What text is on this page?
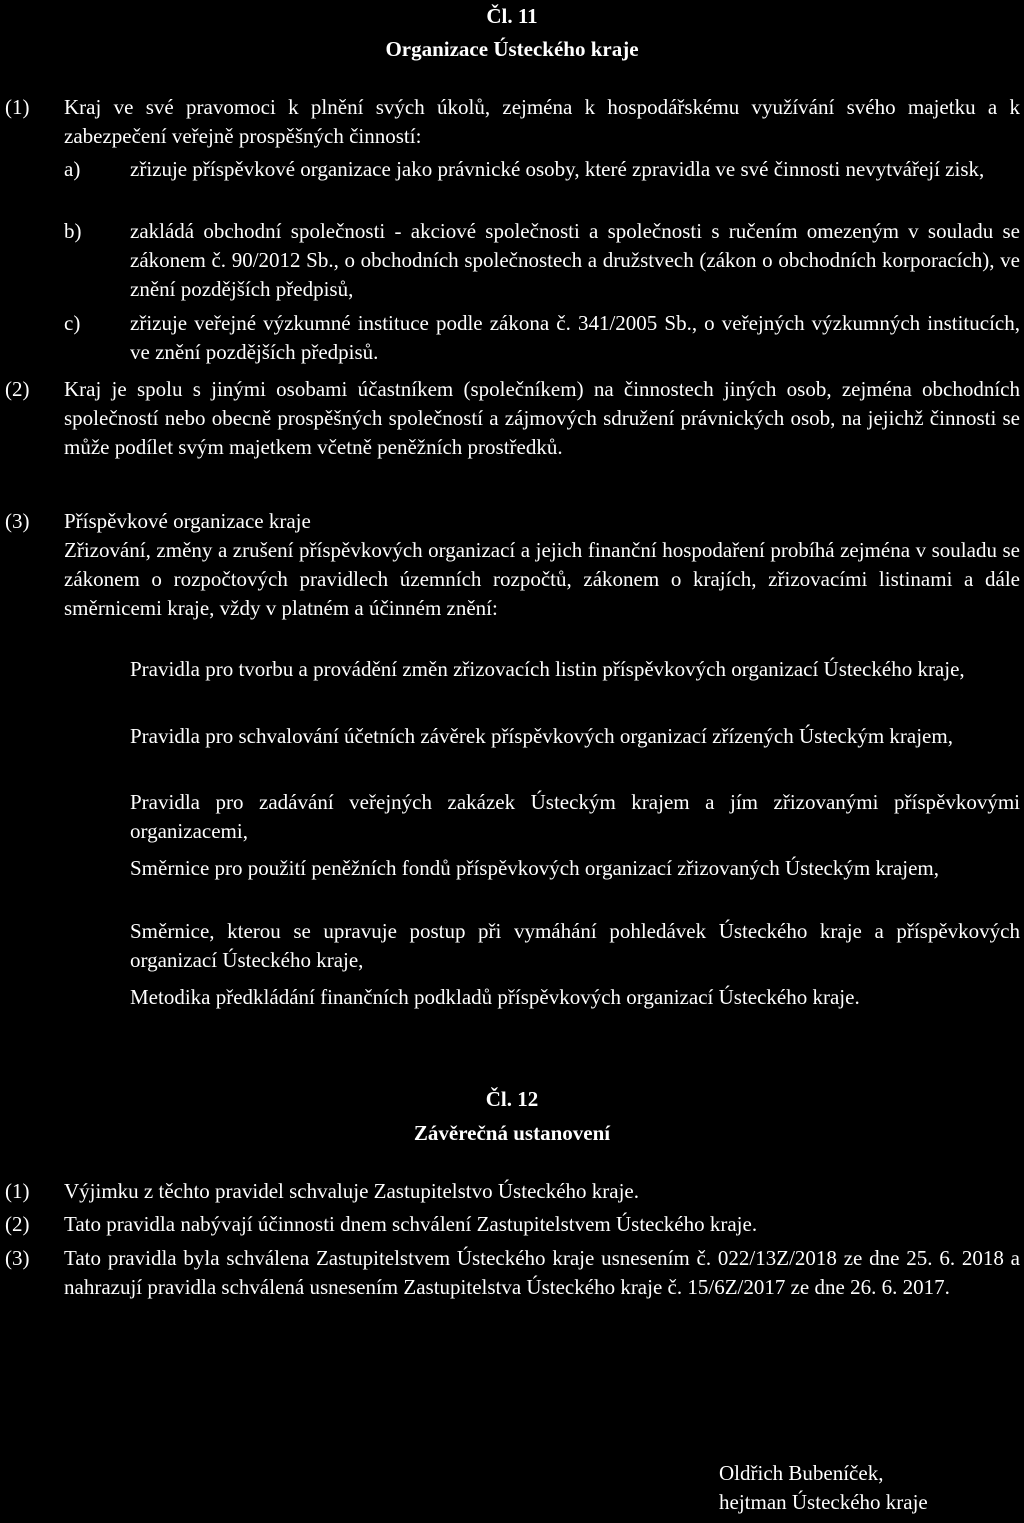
Čl. 11
Organizace Ústeckého kraje
(1) Kraj ve své pravomoci k plnění svých úkolů, zejména k hospodářskému využívání svého majetku a k zabezpečení veřejně prospěšných činností:
a) zřizuje příspěvkové organizace jako právnické osoby, které zpravidla ve své činnosti nevytvářejí zisk,
b) zakládá obchodní společnosti - akciové společnosti a společnosti s ručením omezeným v souladu se zákonem č. 90/2012 Sb., o obchodních společnostech a družstvech (zákon o obchodních korporacích), ve znění pozdějších předpisů,
c) zřizuje veřejné výzkumné instituce podle zákona č. 341/2005 Sb., o veřejných výzkumných institucích, ve znění pozdějších předpisů.
(2) Kraj je spolu s jinými osobami účastníkem (společníkem) na činnostech jiných osob, zejména obchodních společností nebo obecně prospěšných společností a zájmových sdružení právnických osob, na jejichž činnosti se může podílet svým majetkem včetně peněžních prostředků.
(3) Příspěvkové organizace kraje
Zřizování, změny a zrušení příspěvkových organizací a jejich finanční hospodaření probíhá zejména v souladu se zákonem o rozpočtových pravidlech územních rozpočtů, zákonem o krajích, zřizovacími listinami a dále směrnicemi kraje, vždy v platném a účinném znění:
Pravidla pro tvorbu a provádění změn zřizovacích listin příspěvkových organizací Ústeckého kraje,
Pravidla pro schvalování účetních závěrek příspěvkových organizací zřízených Ústeckým krajem,
Pravidla pro zadávání veřejných zakázek Ústeckým krajem a jím zřizovanými příspěvkovými organizacemi,
Směrnice pro použití peněžních fondů příspěvkových organizací zřizovaných Ústeckým krajem,
Směrnice, kterou se upravuje postup při vymáhání pohledávek Ústeckého kraje a příspěvkových organizací Ústeckého kraje,
Metodika předkládání finančních podkladů příspěvkových organizací Ústeckého kraje.
Čl. 12
Závěrečná ustanovení
(1) Výjimku z těchto pravidel schvaluje Zastupitelstvo Ústeckého kraje.
(2) Tato pravidla nabývají účinnosti dnem schválení Zastupitelstvem Ústeckého kraje.
(3) Tato pravidla byla schválena Zastupitelstvem Ústeckého kraje usnesením č. 022/13Z/2018 ze dne 25. 6. 2018 a nahrazují pravidla schválená usnesením Zastupitelstva Ústeckého kraje č. 15/6Z/2017 ze dne 26. 6. 2017.
Oldřich Bubeníček,
hejtman Ústeckého kraje
